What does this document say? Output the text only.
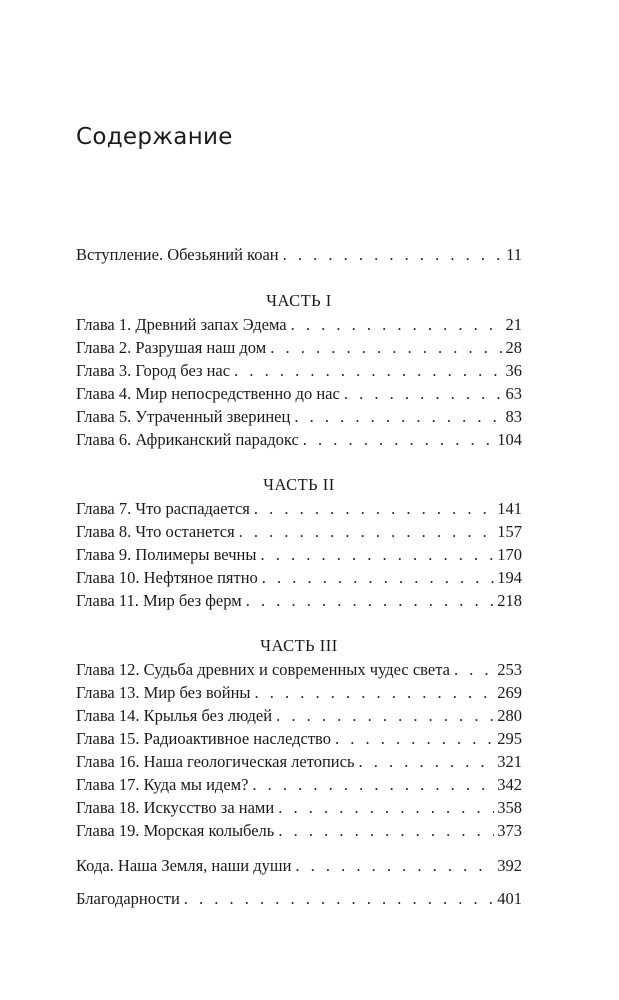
Содержание
Вступление. Обезьяний коан . . .	11
ЧАСТЬ I
Глава 1. Древний запах Эдема . . .	21
Глава 2. Разрушая наш дом . . .	28
Глава 3. Город без нас . . .	36
Глава 4. Мир непосредственно до нас . . .	63
Глава 5. Утраченный зверинец . . .	83
Глава 6. Африканский парадокс . . .	104
ЧАСТЬ II
Глава 7. Что распадается . . .	141
Глава 8. Что останется . . .	157
Глава 9. Полимеры вечны . . .	170
Глава 10. Нефтяное пятно . . .	194
Глава 11. Мир без ферм . . .	218
ЧАСТЬ III
Глава 12. Судьба древних и современных чудес света . . .	253
Глава 13. Мир без войны . . .	269
Глава 14. Крылья без людей . . .	280
Глава 15. Радиоактивное наследство . . .	295
Глава 16. Наша геологическая летопись . . .	321
Глава 17. Куда мы идем? . . .	342
Глава 18. Искусство за нами . . .	358
Глава 19. Морская колыбель . . .	373
Кода. Наша Земля, наши души . . .	392
Благодарности . . .	401
